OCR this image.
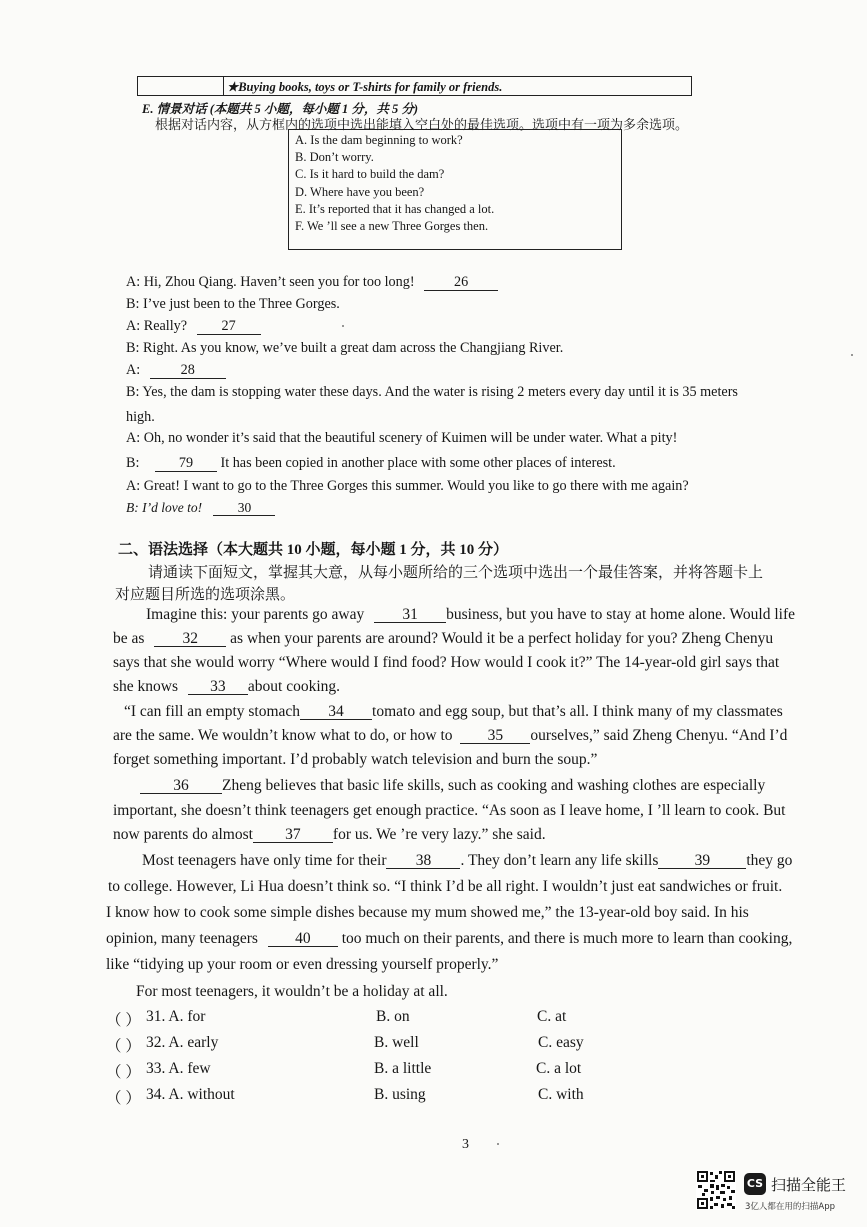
★Buying books, toys or T-shirts for family or friends.
E. 情景对话 (本题共 5 小题，每小题 1 分，共 5 分)
根据对话内容，从方框内的选项中选出能填入空白处的最佳选项。选项中有一项为多余选项。
A. Is the dam beginning to work?
B. Don’t worry.
C. Is it hard to build the dam?
D. Where have you been?
E. It’s reported that it has changed a lot.
F. We ’ll see a new Three Gorges then.
A: Hi, Zhou Qiang. Haven’t seen you for too long!	26
B: I’ve just been to the Three Gorges.
A: Really? 27
B: Right. As you know, we’ve built a great dam across the Changjiang River.
A:	28
B: Yes, the dam is stopping water these days. And the water is rising 2 meters every day until it is 35 meters
high.
A: Oh, no wonder it’s said that the beautiful scenery of Kuimen will be under water. What a pity!
B:	79 It has been copied in another place with some other places of interest.
A: Great! I want to go to the Three Gorges this summer. Would you like to go there with me again?
B: I’d love to!	30
二、语法选择（本大题共 10 小题，每小题 1 分，共 10 分）
请通读下面短文，掌握其大意，从每小题所给的三个选项中选出一个最佳答案，并将答题卡上
对应题目所选的选项涂黑。
Imagine this: your parents go away 31 business, but you have to stay at home alone. Would life
be as 32 as when your parents are around? Would it be a perfect holiday for you? Zheng Chenyu
says that she would worry “Where would I find food? How would I cook it?” The 14-year-old girl says that
she knows 33 about cooking.
“I can fill an empty stomach 34 tomato and egg soup, but that’s all. I think many of my classmates
are the same. We wouldn’t know what to do, or how to 35 ourselves,” said Zheng Chenyu. “And I’d
forget something important. I’d probably watch television and burn the soup.”
36 Zheng believes that basic life skills, such as cooking and washing clothes are especially
important, she doesn’t think teenagers get enough practice. “As soon as I leave home, I ’ll learn to cook. But
now parents do almost 37 for us. We ’re very lazy.” she said.
Most teenagers have only time for their 38 . They don’t learn any life skills 39 they go
to college. However, Li Hua doesn’t think so. “I think I’d be all right. I wouldn’t just eat sandwiches or fruit.
I know how to cook some simple dishes because my mum showed me,” the 13-year-old boy said. In his
opinion, many teenagers 40 too much on their parents, and there is much more to learn than cooking,
like “tidying up your room or even dressing yourself properly.”
For most teenagers, it wouldn’t be a holiday at all.
（ ） 31. A. for	B. on	C. at
（ ） 32. A. early	B. well	C. easy
（ ） 33. A. few	B. a little	C. a lot
（ ） 34. A. without	B. using	C. with
3
CS 扫描全能王
3亿人都在用的扫描App
